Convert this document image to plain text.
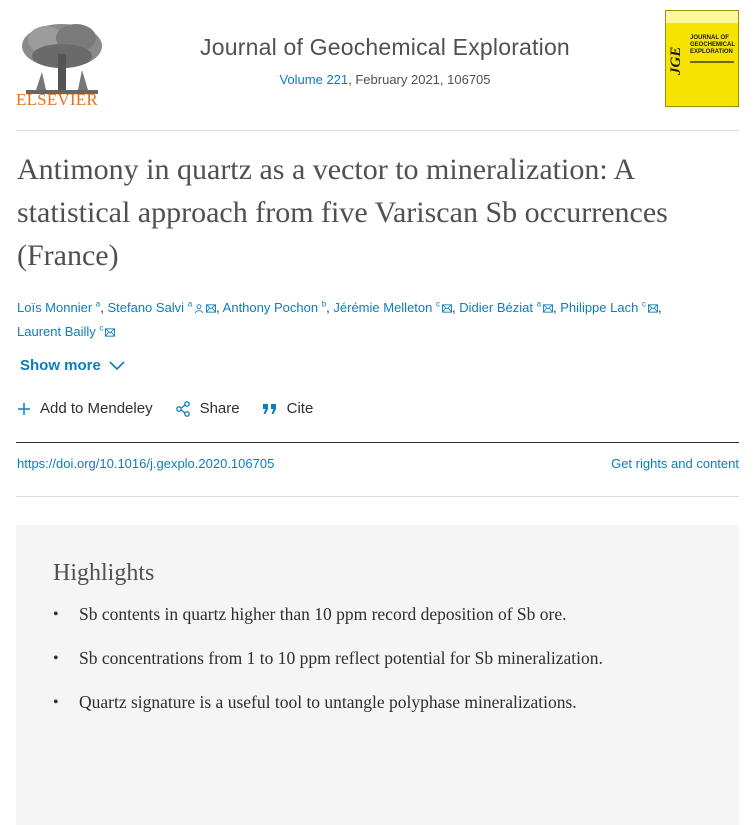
ELSEVIER
Journal of Geochemical Exploration
Volume 221, February 2021, 106705
JGE
JOURNAL OF GEOCHEMICAL EXPLORATION
Antimony in quartz as a vector to mineralization: A statistical approach from five Variscan Sb occurrences (France)
Loïs Monnier $^a$, Stefano Salvi $^a$ , Anthony Pochon $^b$, Jérémie Melleton $^c$ , Didier Béziat $^a$ , Philippe Lach $^c$ , Laurent Bailly $^c$
Show more
Add to Mendeley	Share	Cite
https://doi.org/10.1016/j.gexplo.2020.106705	Get rights and content
Highlights
• Sb contents in quartz higher than 10 ppm record deposition of Sb ore.
• Sb concentrations from 1 to 10 ppm reflect potential for Sb mineralization.
• Quartz signature is a useful tool to untangle polyphase mineralizations.
